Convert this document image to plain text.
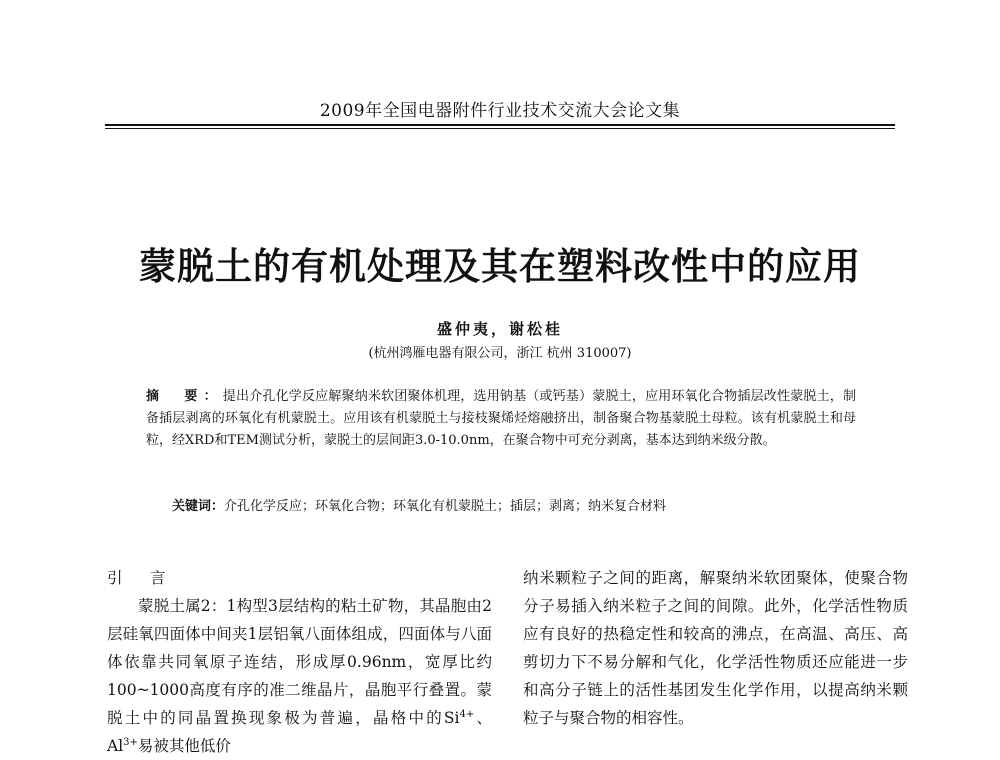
2009年全国电器附件行业技术交流大会论文集
蒙脱土的有机处理及其在塑料改性中的应用
盛仲夷，谢松桂
(杭州鸿雁电器有限公司，浙江 杭州 310007)

摘　要：提出介孔化学反应解聚纳米软团聚体机理，选用钠基（或钙基）蒙脱土，应用环氧化合物插层改性蒙脱土，制备插层剥离的环氧化有机蒙脱土。应用该有机蒙脱土与接枝聚烯烃熔融挤出，制备聚合物基蒙脱土母粒。该有机蒙脱土和母粒，经XRD和TEM测试分析，蒙脱土的层间距3.0-10.0nm，在聚合物中可充分剥离，基本达到纳米级分散。

关键词：介孔化学反应；环氧化合物；环氧化有机蒙脱土；插层；剥离；纳米复合材料

引　言

蒙脱土属2：1构型3层结构的粘土矿物，其晶胞由2层硅氧四面体中间夹1层铝氧八面体组成，四面体与八面体依靠共同氧原子连结，形成厚0.96nm，宽厚比约100~1000高度有序的准二维晶片，晶胞平行叠置。蒙脱土中的同晶置换现象极为普遍，晶格中的$Si^{4+}$、$Al^{3+}$易被其他低价

纳米颗粒子之间的距离，解聚纳米软团聚体，使聚合物分子易插入纳米粒子之间的间隙。此外，化学活性物质应有良好的热稳定性和较高的沸点，在高温、高压、高剪切力下不易分解和气化，化学活性物质还应能进一步和高分子链上的活性基团发生化学作用，以提高纳米颗粒子与聚合物的相容性。
